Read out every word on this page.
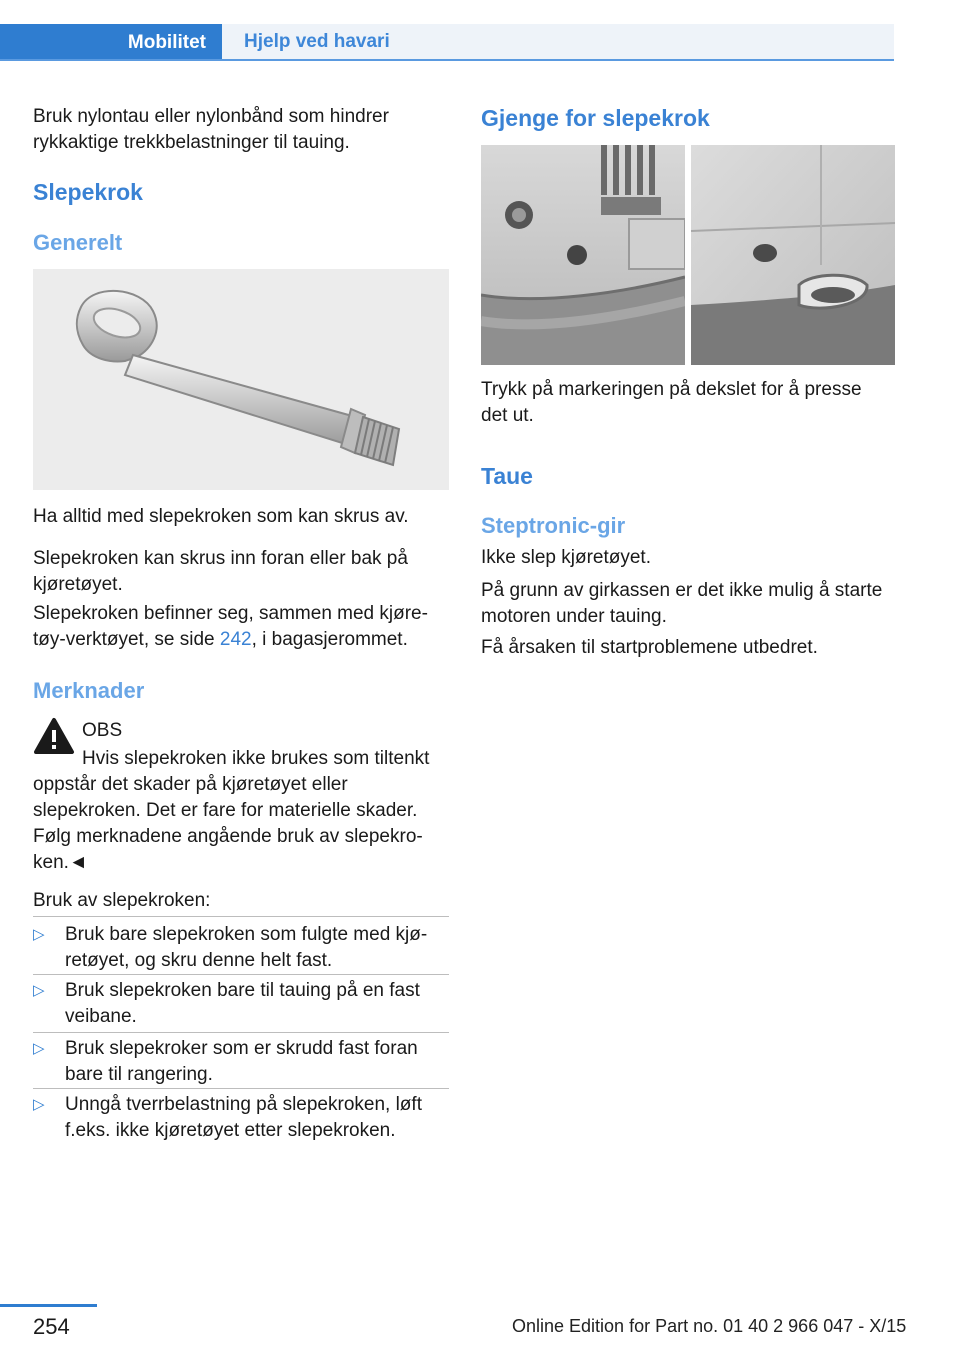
Mobilitet	Hjelp ved havari

Bruk nylontau eller nylonbånd som hindrer rykkaktige trekkbelastninger til tauing.

Slepekrok
Generelt

Ha alltid med slepekroken som kan skrus av.

Slepekroken kan skrus inn foran eller bak på kjøretøyet.

Slepekroken befinner seg, sammen med kjøretøy-verktøyet, se side 242, i bagasjerommet.

Merknader
OBS

Hvis slepekroken ikke brukes som tiltenkt oppstår det skader på kjøretøyet eller slepekroken. Det er fare for materielle skader. Følg merknadene angående bruk av slepekroken.◄

Bruk av slepekroken:

▷ Bruk bare slepekroken som fulgte med kjøretøyet, og skru denne helt fast.
▷ Bruk slepekroken bare til tauing på en fast veibane.
▷ Bruk slepekroker som er skrudd fast foran bare til rangering.
▷ Unngå tverrbelastning på slepekroken, løft f.eks. ikke kjøretøyet etter slepekroken.
Gjenge for slepekrok

Trykk på markeringen på dekslet for å presse det ut.

Taue
Steptronic-gir

Ikke slep kjøretøyet.

På grunn av girkassen er det ikke mulig å starte motoren under tauing.

Få årsaken til startproblemene utbedret.

254	Online Edition for Part no. 01 40 2 966 047 - X/15
